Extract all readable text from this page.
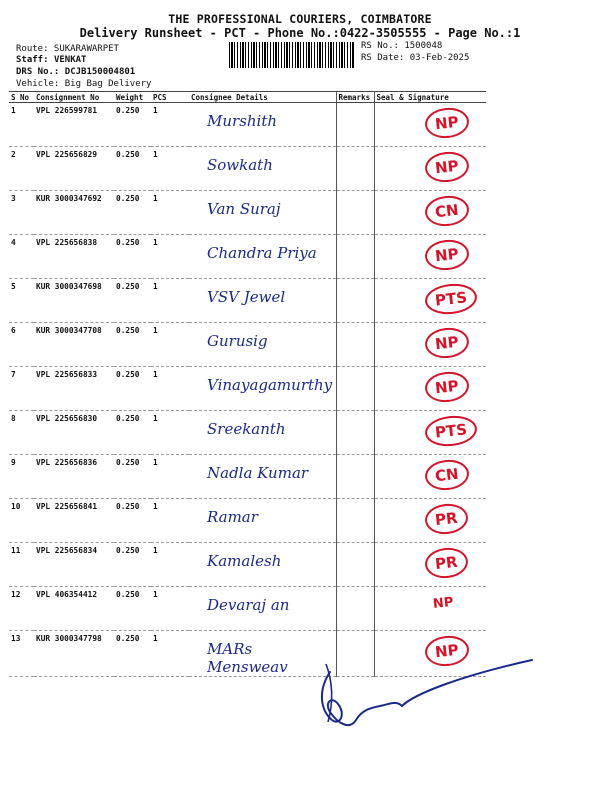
THE PROFESSIONAL COURIERS, COIMBATORE
Delivery Runsheet - PCT - Phone No.:0422-3505555 - Page No.:1
Route: SUKARAWARPET
Staff: VENKAT
DRS No.: DCJB150004801
Vehicle: Big Bag Delivery
RS No.: 1500048
RS Date: 03-Feb-2025
S No	Consignment No	Weight	PCS	Consignee Details	Remarks	Seal & Signature
1	VPL 226599781	0.250	1	Murshith		NP
2	VPL 225656829	0.250	1	Sowkath		NP
3	KUR 3000347692	0.250	1	Van Suraj		CN
4	VPL 225656838	0.250	1	Chandra Priya		NP
5	KUR 3000347698	0.250	1	VSV Jewel		PTS
6	KUR 3000347708	0.250	1	Gurusig		NP
7	VPL 225656833	0.250	1	Vinayagamurthy		NP
8	VPL 225656830	0.250	1	Sreekanth		PTS
9	VPL 225656836	0.250	1	Nadla Kumar		CN
10	VPL 225656841	0.250	1	Ramar		PR
11	VPL 225656834	0.250	1	Kamalesh		PR
12	VPL 406354412	0.250	1	Devaraj an		NP
13	KUR 3000347798	0.250	1	MARs Mensweav		NP
